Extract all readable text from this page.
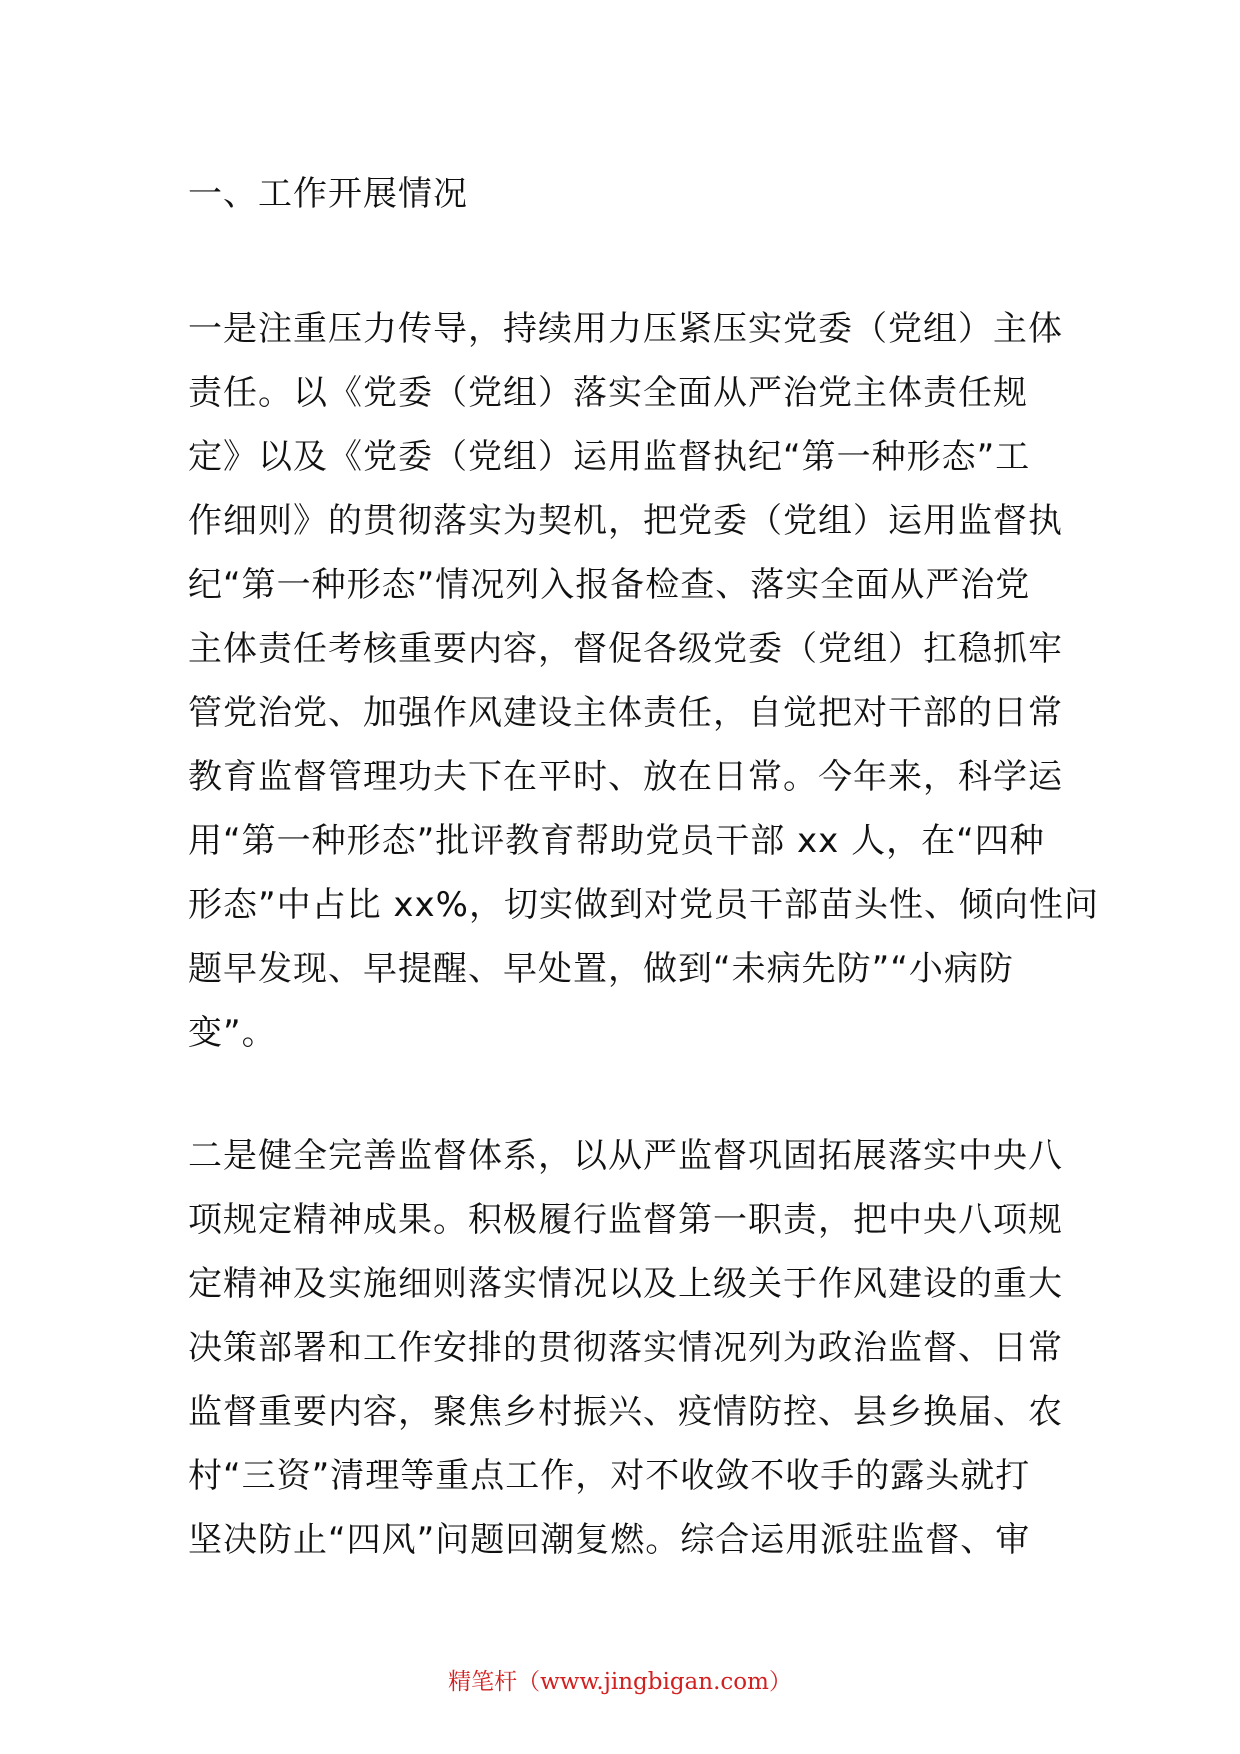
一、工作开展情况
一是注重压力传导，持续用力压紧压实党委（党组）主体
责任。以《党委（党组）落实全面从严治党主体责任规
定》以及《党委（党组）运用监督执纪“第一种形态”工
作细则》的贯彻落实为契机，把党委（党组）运用监督执
纪“第一种形态”情况列入报备检查、落实全面从严治党
主体责任考核重要内容，督促各级党委（党组）扛稳抓牢
管党治党、加强作风建设主体责任，自觉把对干部的日常
教育监督管理功夫下在平时、放在日常。今年来，科学运
用“第一种形态”批评教育帮助党员干部 xx 人，在“四种
形态”中占比 xx%，切实做到对党员干部苗头性、倾向性问
题早发现、早提醒、早处置，做到“未病先防”“小病防
变”。
二是健全完善监督体系，以从严监督巩固拓展落实中央八
项规定精神成果。积极履行监督第一职责，把中央八项规
定精神及实施细则落实情况以及上级关于作风建设的重大
决策部署和工作安排的贯彻落实情况列为政治监督、日常
监督重要内容，聚焦乡村振兴、疫情防控、县乡换届、农
村“三资”清理等重点工作，对不收敛不收手的露头就打
坚决防止“四风”问题回潮复燃。综合运用派驻监督、审
精笔杆（www.jingbigan.com）
